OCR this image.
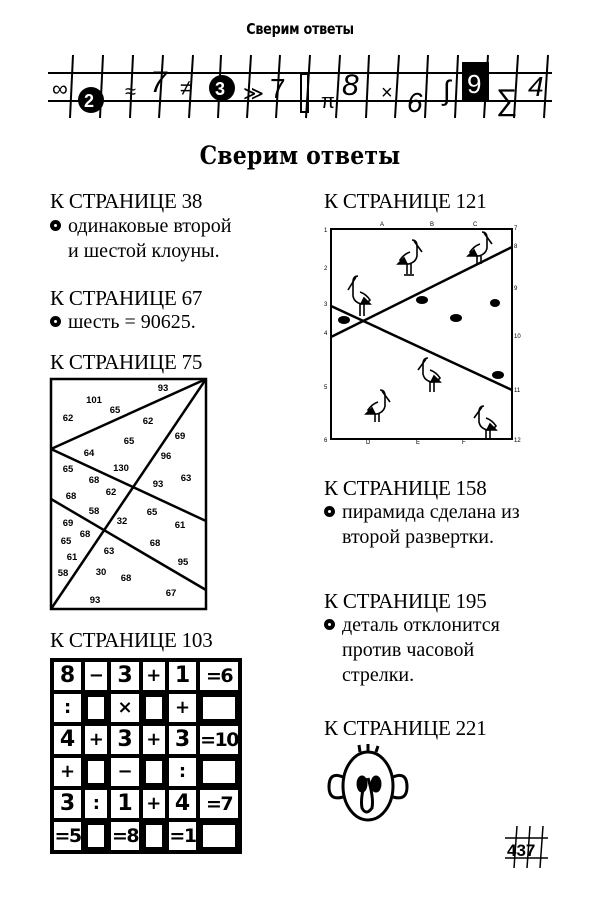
Сверим ответы
∞ 2 ≈ 7 ≠ 3 ≫ 7 π 8 × 6 ∫ 9 ∑ 4
Сверим ответы
К СТРАНИЦЕ 38
одинаковые второй
и шестой клоуны.
К СТРАНИЦЕ 67
шесть = 90625.
К СТРАНИЦЕ 75
93
101
65
62	62
65	69
64	96
130
65
63
68	93
62
68
58	65
32	61
69
68
65	68
63
61	95
58	30
68
67
93
A	B	C
D	E	F
1
2
3
4
5
6
7
8
9
10
11
12
К СТРАНИЦЕ 103
8	−	3	+	1	=6
:		×		+	
4	+	3	+	3	=10
+		−		:	
3	:	1	+	4	=7
=5		=8		=1	
К СТРАНИЦЕ 121
К СТРАНИЦЕ 158
пирамида сделана из
второй развертки.
К СТРАНИЦЕ 195
деталь отклонится
против часовой
стрелки.
К СТРАНИЦЕ 221
437
